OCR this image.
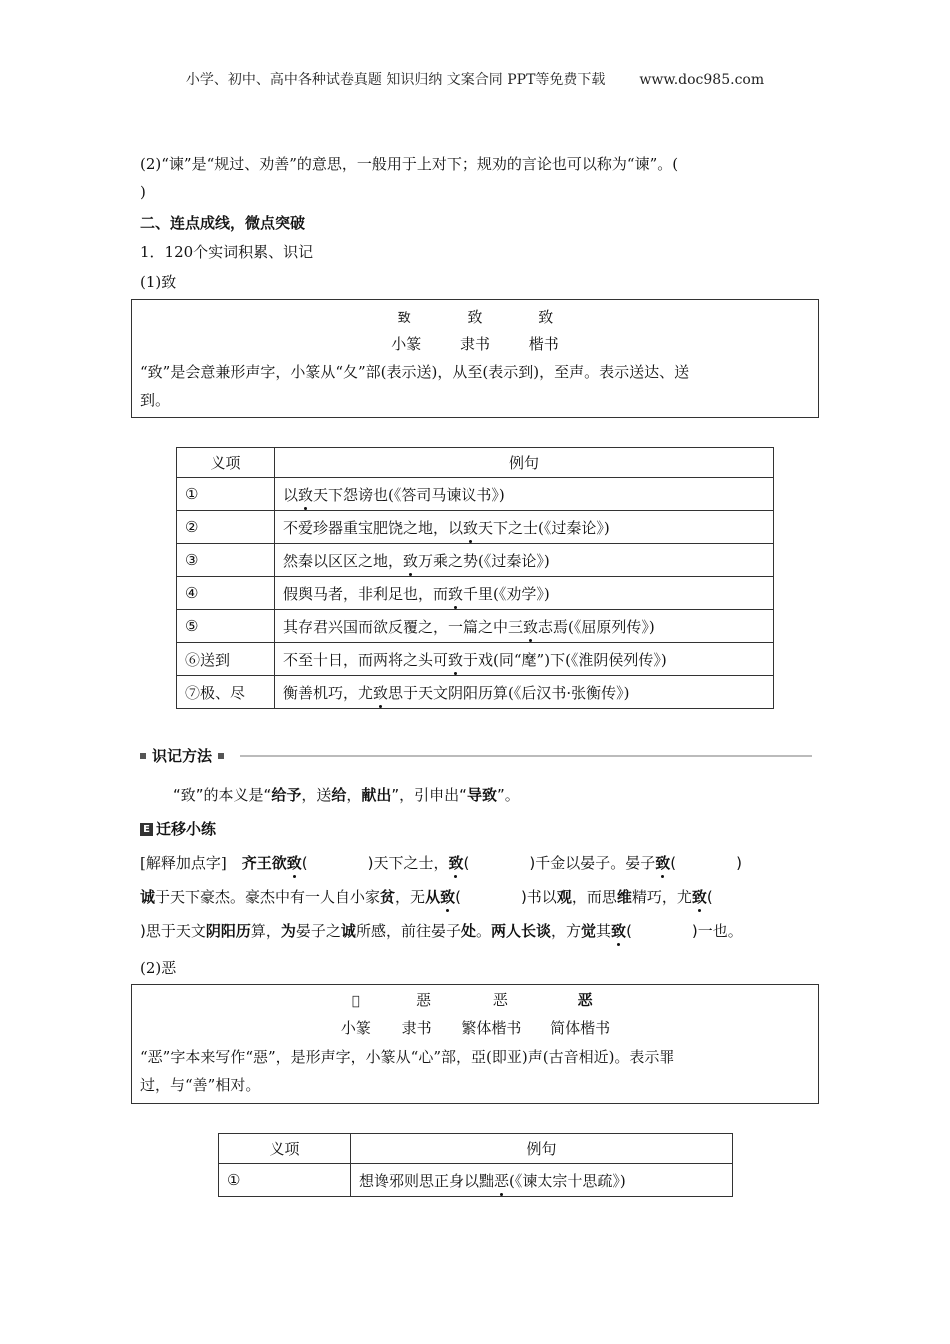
小学、初中、高中各种试卷真题 知识归纳 文案合同 PPT等免费下载 www.doc985.com
(2)“谏”是“规过、劝善”的意思，一般用于上对下；规劝的言论也可以称为“谏”。(
)
二、连点成线，微点突破
1．120个实词积累、识记
(1)致
𦤶	致	致
小篆	隶书	楷书
“致”是会意兼形声字，小篆从“夂”部(表示送)，从至(表示到)，至声。表示送达、送
到。
义项	例句
①	以致天下怨谤也(《答司马谏议书》)
②	不爱珍器重宝肥饶之地，以致天下之士(《过秦论》)
③	然秦以区区之地，致万乘之势(《过秦论》)
④	假舆马者，非利足也，而致千里(《劝学》)
⑤	其存君兴国而欲反覆之，一篇之中三致志焉(《屈原列传》)
⑥送到	不至十日，而两将之头可致于戏(同“麾”)下(《淮阴侯列传》)
⑦极、尽	衡善机巧，尤致思于天文阴阳历算(《后汉书·张衡传》)
识记方法
“致”的本义是“给予，送给，献出”，引申出“导致”。
E 迁移小练
[解释加点字]　齐王欲致(　　　　)天下之士，致(　　　　)千金以晏子。晏子致(　　　　)
诚于天下豪杰。豪杰中有一人自小家贫，无从致(　　　　)书以观，而思维精巧，尤致(
)思于天文阴阳历算，为晏子之诚所感，前往晏子处。两人长谈，方觉其致(　　　　)一也。
(2)恶
𢙣	惡	恶	恶
小篆 隶书 繁体楷书 简体楷书
“恶”字本来写作“惡”，是形声字，小篆从“心”部，亞(即亚)声(古音相近)。表示罪
过，与“善”相对。
义项	例句
①	想谗邪则思正身以黜恶(《谏太宗十思疏》)
